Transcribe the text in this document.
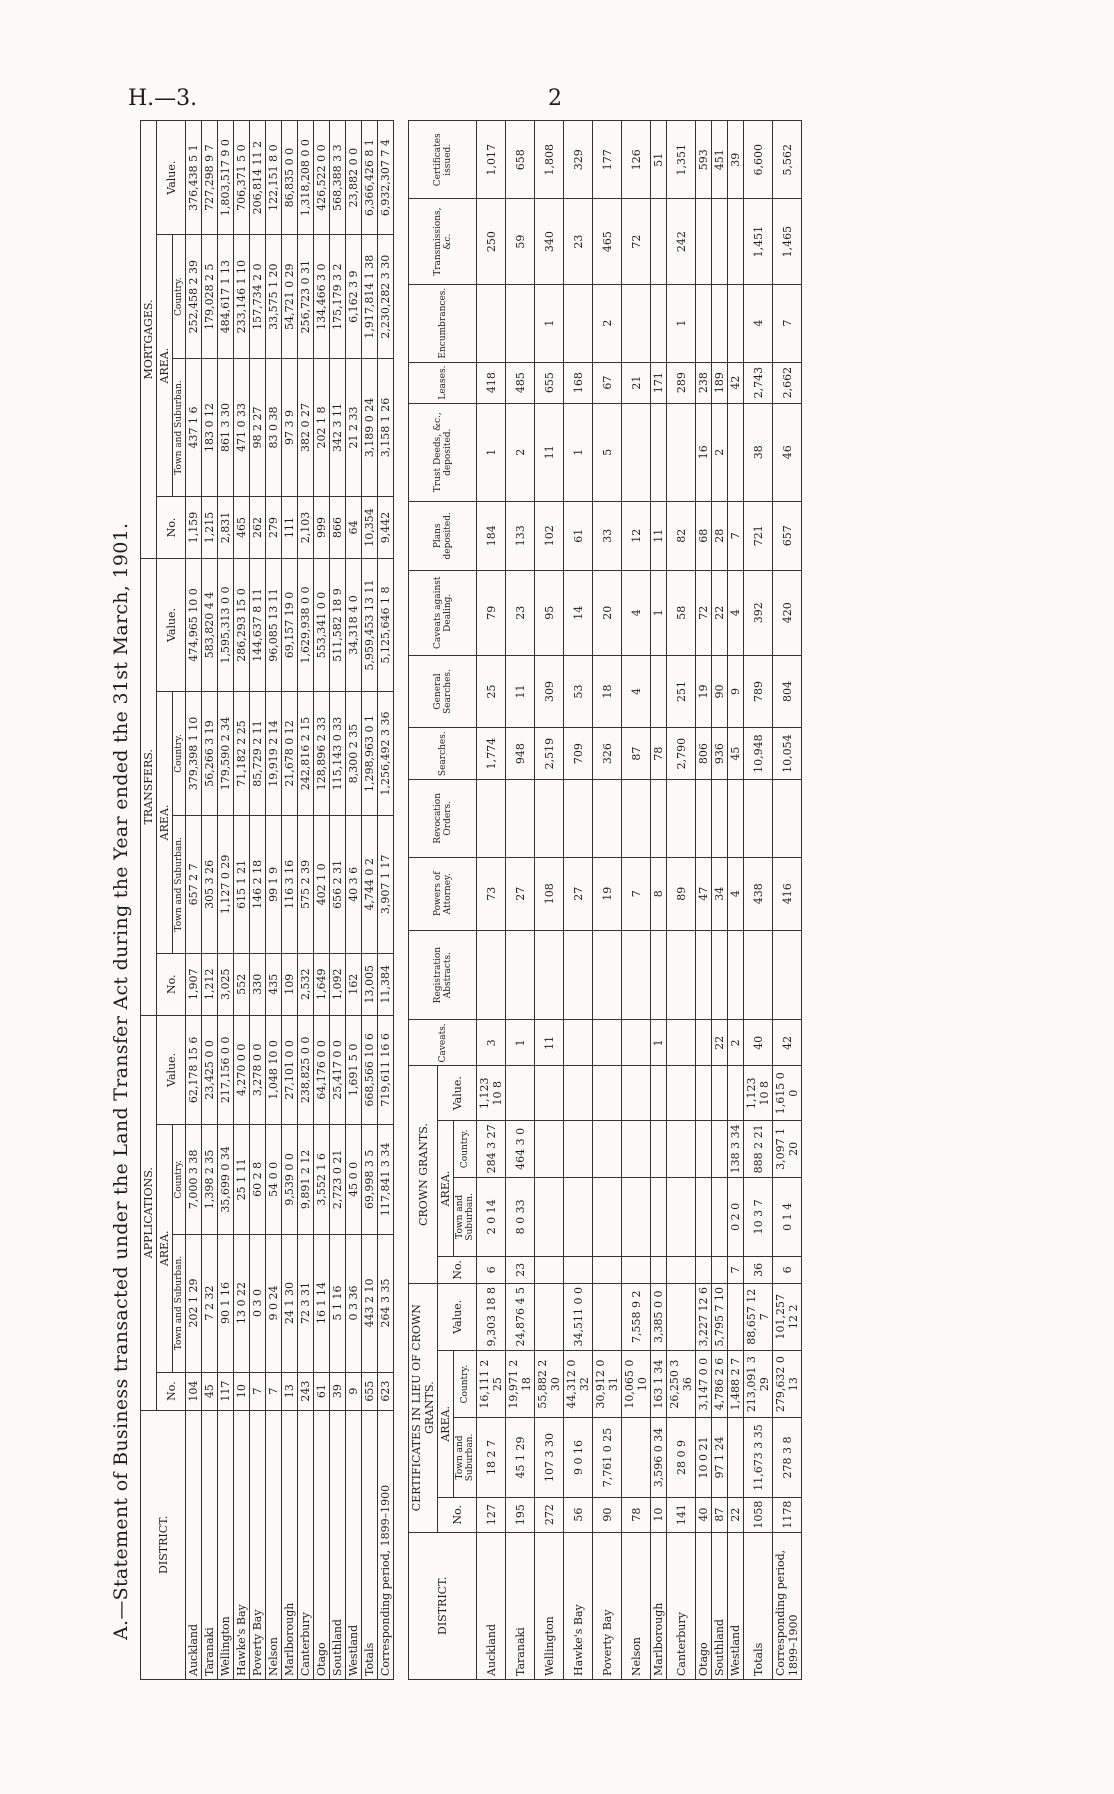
H.—3.	2
A.—Statement of Business transacted under the Land Transfer Act during the Year ended the 31st March, 1901. DISTRICT.	APPLICATIONS.				TRANSFERS.				MORTGAGES.			
	No.	AREA.		Value.	No.	AREA.		Value.	No.	AREA.		Value.
		Town and Suburban.	Country.			Town and Suburban.	Country.			Town and Suburban.	Country.	
Auckland	104	202 1 29	7,000 3 38	62,178 15 6	1,907	657 2 7	379,398 1 10	474,965 10 0	1,159	437 1 6	252,458 2 39	376,438 5 1
Taranaki	45	7 2 32	1,398 2 35	23,425 0 0	1,212	305 3 26	56,266 3 19	583,820 4 4	1,215	183 0 12	179,028 2 5	727,298 9 7
Wellington	117	90 1 16	35,699 0 34	217,156 0 0	3,025	1,127 0 29	179,590 2 34	1,595,313 0 0	2,831	861 3 30	484,617 1 13	1,803,517 9 0
Hawke's Bay	10	13 0 22	25 1 11	4,270 0 0	552	615 1 21	71,182 2 25	286,293 15 0	465	471 0 33	233,146 1 10	706,371 5 0
Poverty Bay	7	0 3 0	60 2 8	3,278 0 0	330	146 2 18	85,729 2 11	144,637 8 11	262	98 2 27	157,734 2 0	206,814 11 2
Nelson	7	9 0 24	54 0 0	1,048 10 0	435	99 1 9	19,919 2 14	96,085 13 11	279	83 0 38	33,575 1 20	122,151 8 0
Marlborough	13	24 1 30	9,539 0 0	27,101 0 0	109	116 3 16	21,678 0 12	69,157 19 0	111	97 3 9	54,721 0 29	86,835 0 0
Canterbury	243	72 3 31	9,891 2 12	238,825 0 0	2,532	575 2 39	242,816 2 15	1,629,938 0 0	2,103	382 0 27	256,723 0 31	1,318,208 0 0
Otago	61	16 1 14	3,552 1 6	64,176 0 0	1,649	402 1 0	128,896 2 33	553,341 0 0	999	202 1 8	134,466 3 0	426,522 0 0
Southland	39	5 1 16	2,723 0 21	25,417 0 0	1,092	656 2 31	115,143 0 33	511,582 18 9	866	342 3 11	175,179 3 2	568,388 3 3
Westland	9	0 3 36	45 0 0	1,691 5 0	162	40 3 6	8,300 2 35	34,318 4 0	64	21 2 33	6,162 3 9	23,882 0 0
Totals	655	443 2 10	69,998 3 5	668,566 10 6	13,005	4,744 0 2	1,298,963 0 1	5,959,453 13 11	10,354	3,189 0 24	1,917,814 1 38	6,366,426 8 1
Corresponding period, 1899–1900	623	264 3 35	117,841 3 34	719,611 16 6	11,384	3,907 1 17	1,256,492 3 36	5,125,646 1 8	9,442	3,158 1 26	2,230,282 3 30	6,932,307 7 4
DISTRICT.	CERTIFICATES IN LIEU OF CROWN GRANTS.				CROWN GRANTS.				Caveats.	Registration Abstracts.	Powers of Attorney.	Revocation Orders.	Searches.	General Searches.	Caveats against Dealing.	Plans deposited.	Trust Deeds, &c., deposited.	Leases.	Encumbrances.	Transmissions, &c.	Certificates issued.
	No.	AREA.		Value.	No.	AREA.		Value.													
		Town and Suburban.	Country.			Town and Suburban.	Country.														
Auckland	127	18 2 7	16,111 2 25	9,303 18 8	6	2 0 14	284 3 27	1,123 10 8	3		73		1,774	25	79	184	1	418		250	1,017
Taranaki	195	45 1 29	19,971 2 18	24,876 4 5	23	8 0 33	464 3 0		1		27		948	11	23	133	2	485		59	658
Wellington	272	107 3 30	55,882 2 30						11		108		2,519	309	95	102	11	655	1	340	1,808
Hawke's Bay	56	9 0 16	44,312 0 32	34,511 0 0							27		709	53	14	61	1	168		23	329
Poverty Bay	90	7,761 0 25	30,912 0 31								19		326	18	20	33	5	67	2	465	177
Nelson	78		10,065 0 10	7,558 9 2							7		87	4	4	12		21		72	126
Marlborough	10	3,596 0 34	163 1 34	3,385 0 0					1		8		78		1	11		171			51
Canterbury	141	28 0 9	26,250 3 36								89		2,790	251	58	82		289	1	242	1,351
Otago	40	10 0 21	3,147 0 0	3,227 12 6							47		806	19	72	68	16	238			593
Southland	87	97 1 24	4,786 2 6	5,795 7 10					22		34		936	90	22	28	2	189			451
Westland	22		1,488 2 7		7	0 2 0	138 3 34		2		4		45	9	4	7		42			39
Totals	1058	11,673 3 35	213,091 3 29	88,657 12 7	36	10 3 7	888 2 21	1,123 10 8	40		438		10,948	789	392	721	38	2,743	4	1,451	6,600
Corresponding period, 1899–1900	1178	278 3 8	279,632 0 13	101,257 12 2	6	0 1 4	3,097 1 20	1,615 0 0	42		416		10,054	804	420	657	46	2,662	7	1,465	5,562
